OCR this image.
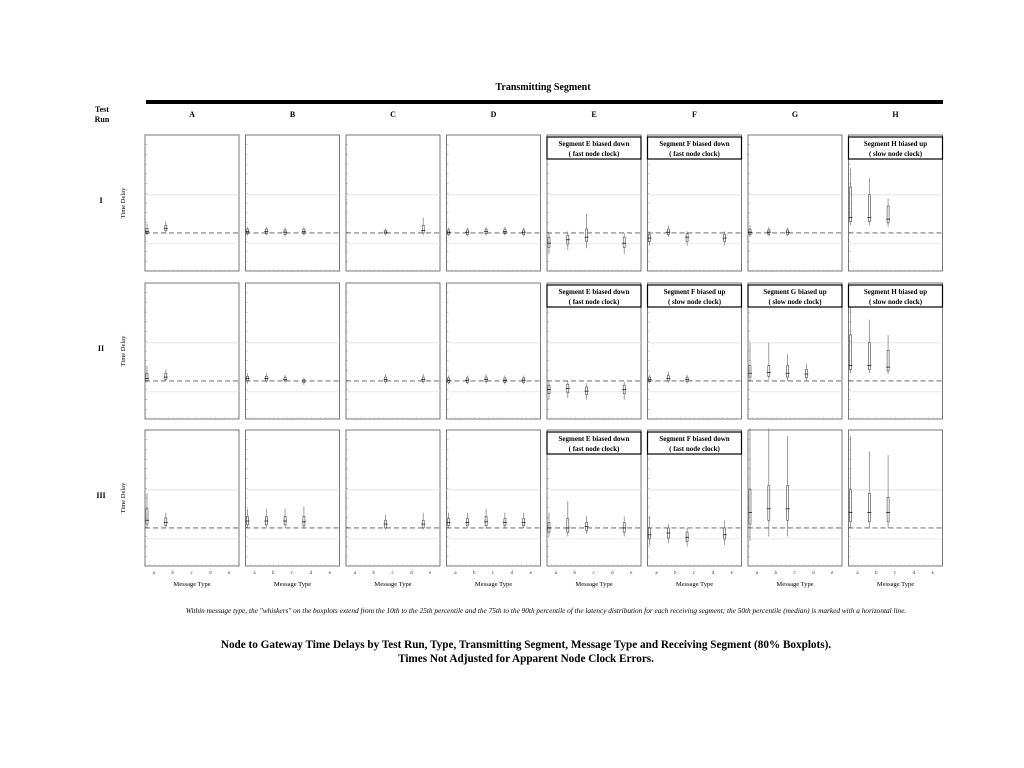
Transmitting Segment
Test
Run
A	B	C	D	E	F	G	H
I	Time Delay
II Time Delay
III Time Delay
a	b	c	d	e
Message Type
a	b	c	d	e
Message Type
a	b	c	d	e
Message Type
a	b	c	d	e
Message Type
a	b	c	d	e
Message Type
a	b	c	d	e
Message Type
a	b	c	d	e
Message Type
a	b	c	d	e
Message Type
Segment E biased down
( fast node clock)
Segment F biased down
( fast node clock)
Segment H biased up
( slow node clock)
Segment E biased down
( fast node clock)
Segment F biased up
( slow node clock)
Segment G biased up
( slow node clock)
Segment H biased up
( slow node clock)
Segment E biased down
( fast node clock)
Segment F biased down
( fast node clock)
Within message type, the "whiskers" on the boxplots extend from the 10th to the 25th percentile and the 75th to the 90th percentile of the latency distribution for each receiving segment; the 50th percentile (median) is marked with a horizontal line.
Node to Gateway Time Delays by Test Run, Type, Transmitting Segment, Message Type and Receiving Segment (80% Boxplots).
Times Not Adjusted for Apparent Node Clock Errors.
